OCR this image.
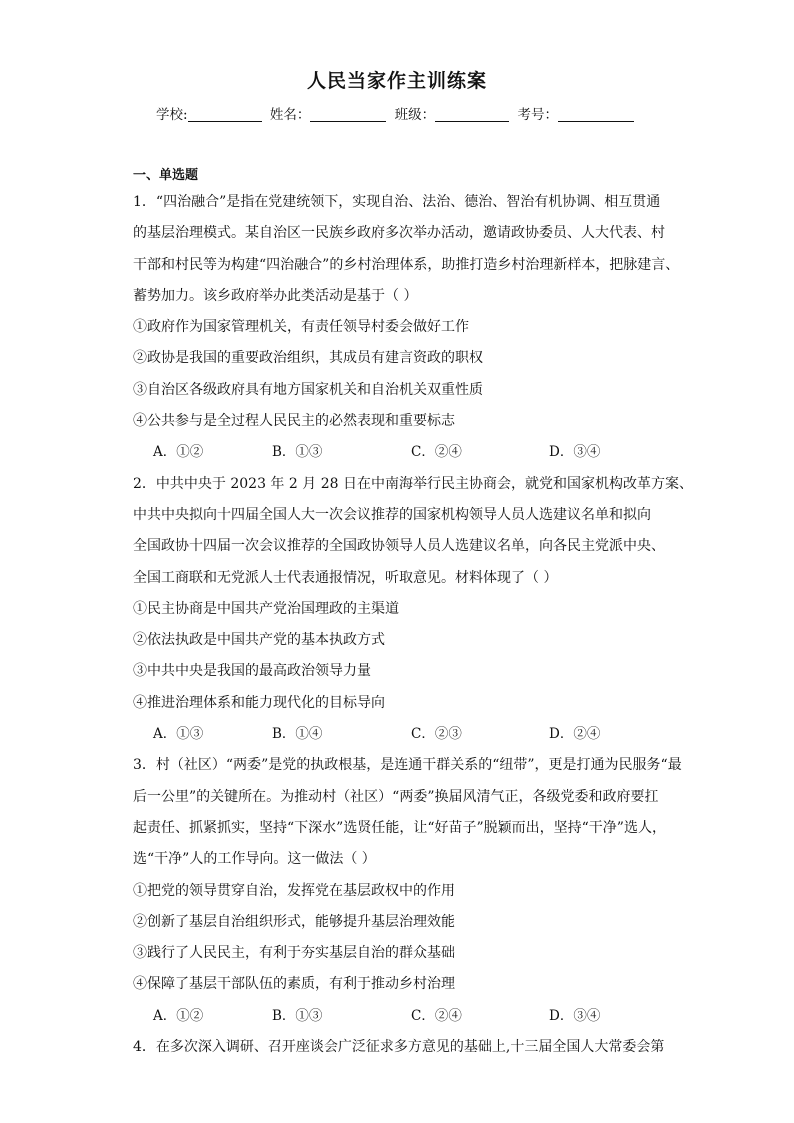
人民当家作主训练案
学校:	姓名：	班级：	考号：
一、单选题
1．“四治融合”是指在党建统领下，实现自治、法治、德治、智治有机协调、相互贯通
的基层治理模式。某自治区一民族乡政府多次举办活动，邀请政协委员、人大代表、村
干部和村民等为构建“四治融合”的乡村治理体系，助推打造乡村治理新样本，把脉建言、
蓄势加力。该乡政府举办此类活动是基于（ ）
①政府作为国家管理机关，有责任领导村委会做好工作
②政协是我国的重要政治组织，其成员有建言资政的职权
③自治区各级政府具有地方国家机关和自治机关双重性质
④公共参与是全过程人民民主的必然表现和重要标志
A．①②	B．①③	C．②④	D．③④
2．中共中央于 2023 年 2 月 28 日在中南海举行民主协商会，就党和国家机构改革方案、
中共中央拟向十四届全国人大一次会议推荐的国家机构领导人员人选建议名单和拟向
全国政协十四届一次会议推荐的全国政协领导人员人选建议名单，向各民主党派中央、
全国工商联和无党派人士代表通报情况，听取意见。材料体现了（ ）
①民主协商是中国共产党治国理政的主渠道
②依法执政是中国共产党的基本执政方式
③中共中央是我国的最高政治领导力量
④推进治理体系和能力现代化的目标导向
A．①③	B．①④	C．②③	D．②④
3．村（社区）“两委”是党的执政根基，是连通干群关系的“纽带”，更是打通为民服务“最
后一公里”的关键所在。为推动村（社区）“两委”换届风清气正，各级党委和政府要扛
起责任、抓紧抓实，坚持“下深水”选贤任能，让“好苗子”脱颖而出，坚持“干净”选人，
选“干净”人的工作导向。这一做法（ ）
①把党的领导贯穿自治，发挥党在基层政权中的作用
②创新了基层自治组织形式，能够提升基层治理效能
③践行了人民民主，有利于夯实基层自治的群众基础
④保障了基层干部队伍的素质，有利于推动乡村治理
A．①②	B．①③	C．②④	D．③④
4．在多次深入调研、召开座谈会广泛征求多方意见的基础上,十三届全国人大常委会第
